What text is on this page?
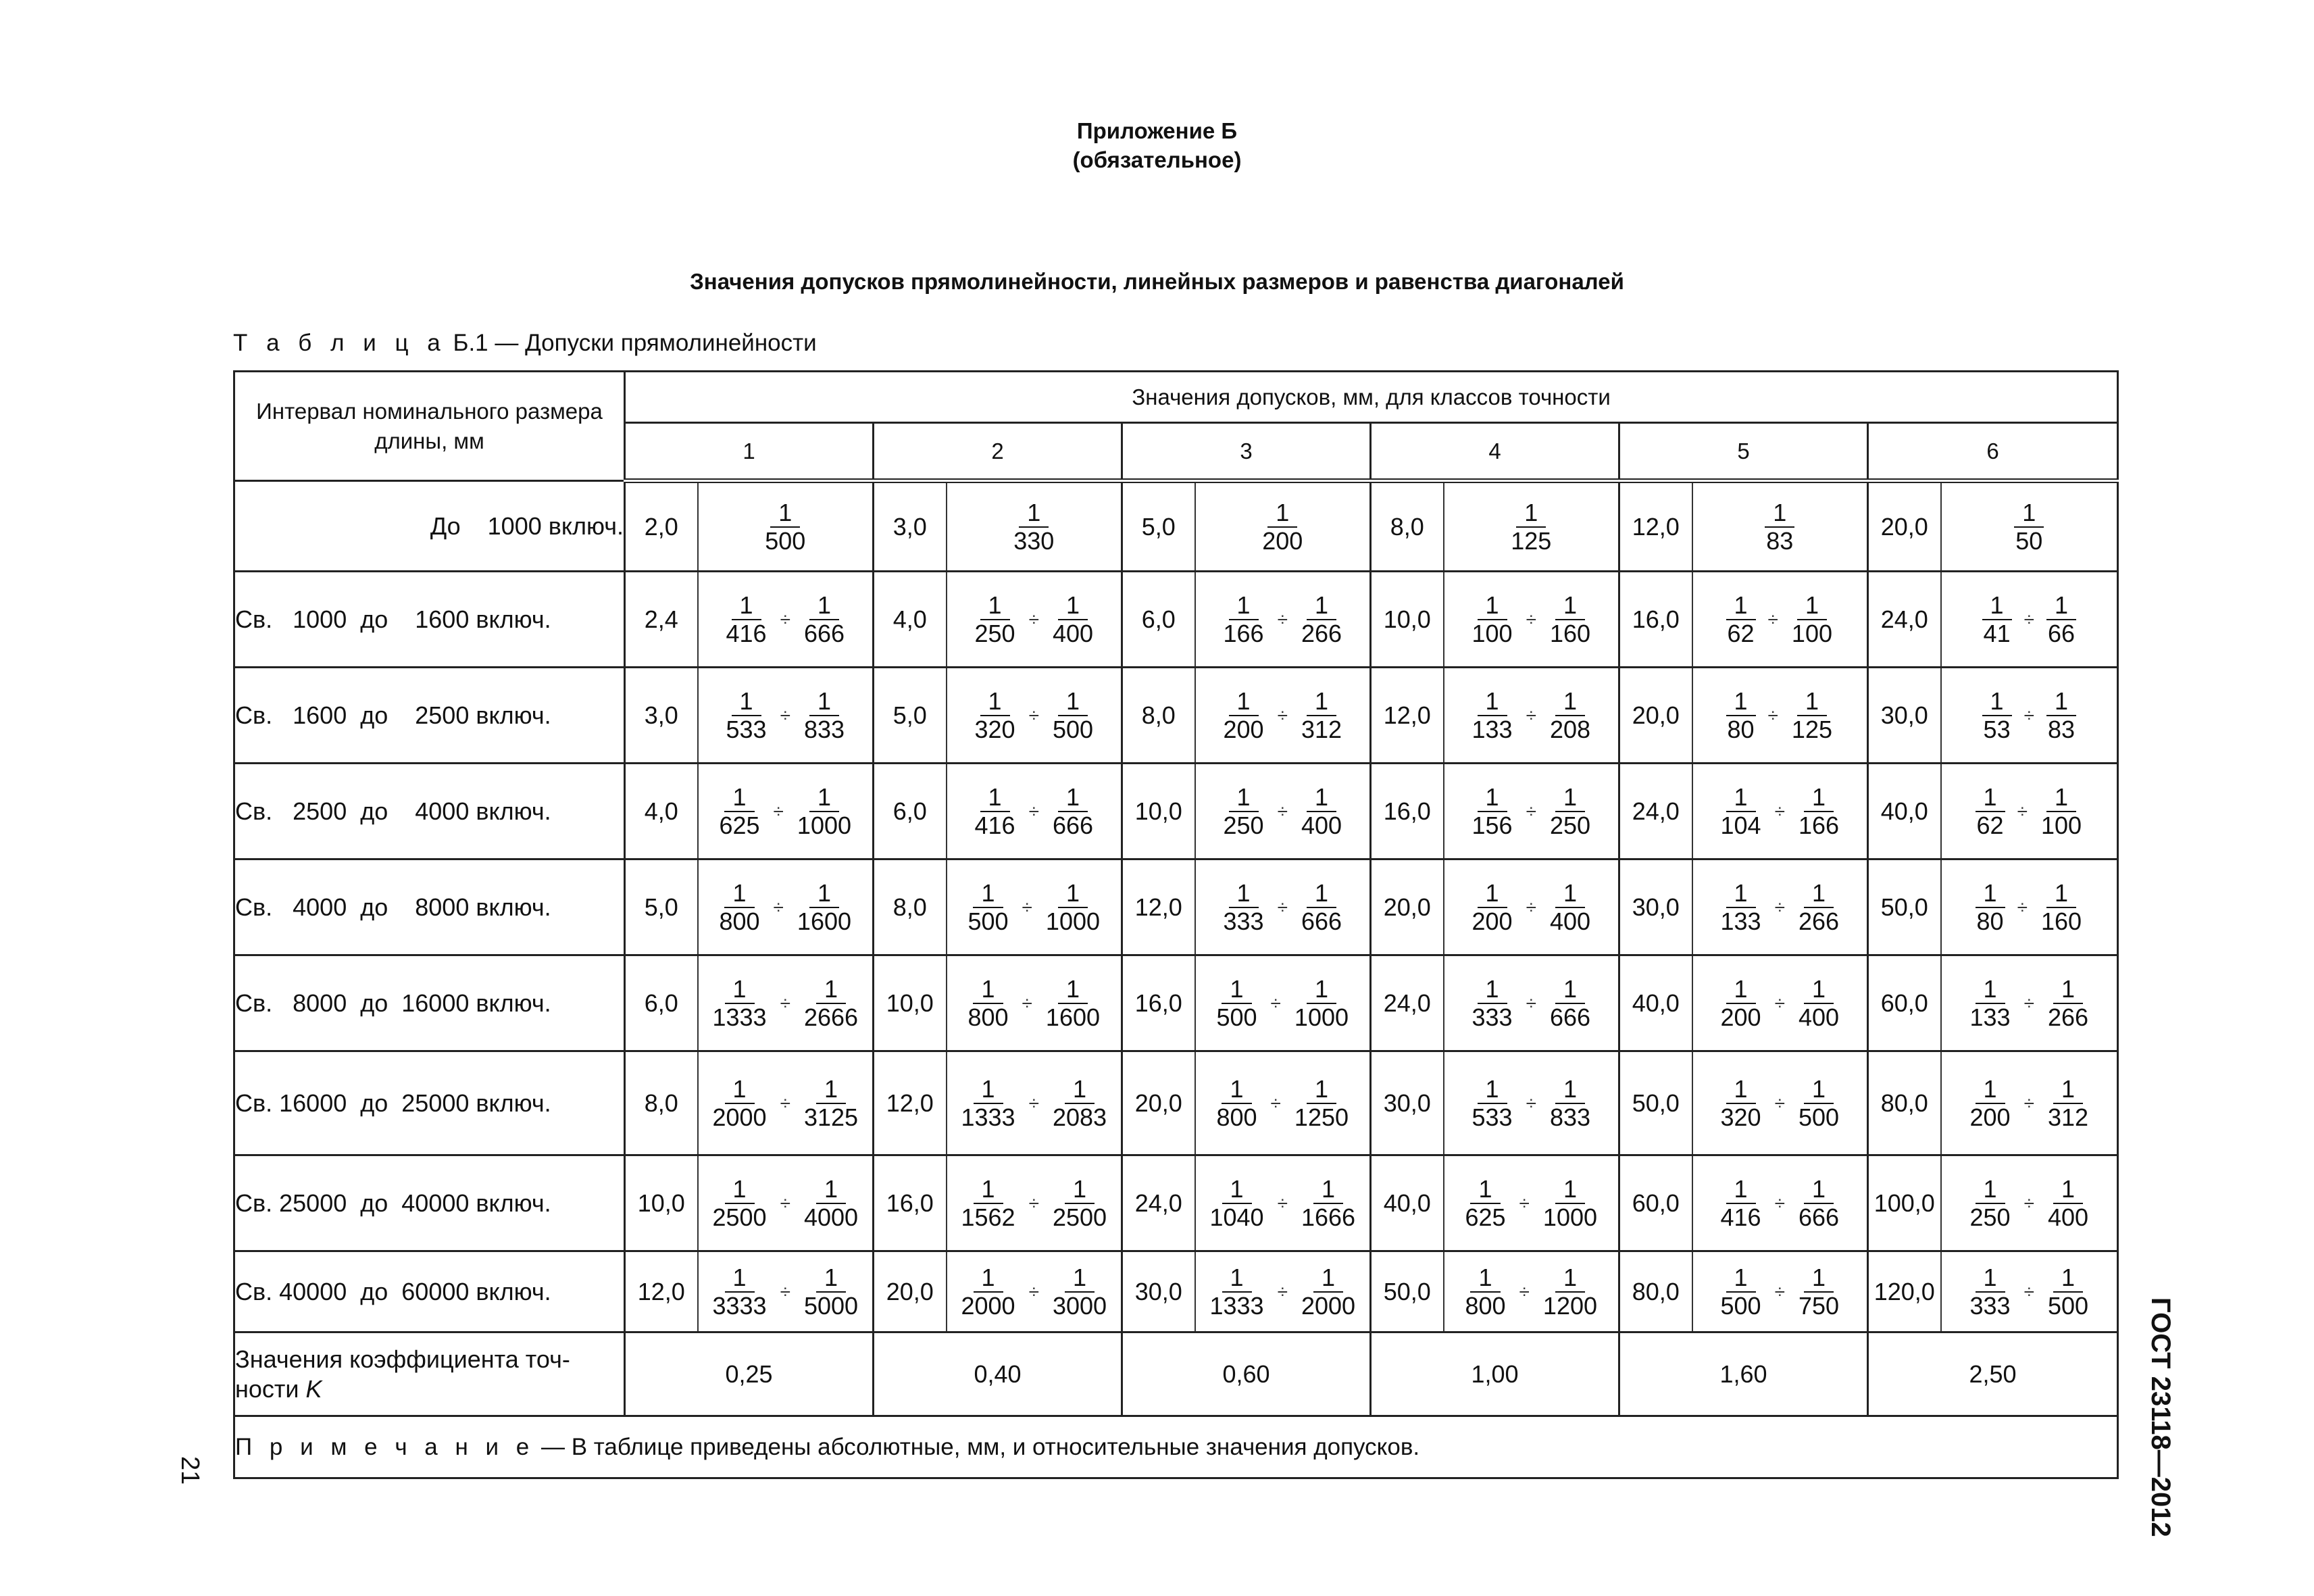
Приложение Б
(обязательное)
Значения допусков прямолинейности, линейных размеров и равенства диагоналей
Т а б л и ц а Б.1 — Допуски прямолинейности
Интервал номинального размера длины, мм	Значения допусков, мм, для классов точности											
	1		2		3		4		5		6	
До    1000 включ.	2,0	$\frac{1}{500}$	3,0	$\frac{1}{330}$	5,0	$\frac{1}{200}$	8,0	$\frac{1}{125}$	12,0	$\frac{1}{83}$	20,0	$\frac{1}{50}$

Св.   1000  до    1600 включ.	2,4	$\frac{1}{416} \div \frac{1}{666}$	4,0	$\frac{1}{250} \div \frac{1}{400}$	6,0	$\frac{1}{166} \div \frac{1}{266}$	10,0	$\frac{1}{100} \div \frac{1}{160}$	16,0	$\frac{1}{62} \div \frac{1}{100}$	24,0	$\frac{1}{41} \div \frac{1}{66}$

Св.   1600  до    2500 включ.	3,0	$\frac{1}{533} \div \frac{1}{833}$	5,0	$\frac{1}{320} \div \frac{1}{500}$	8,0	$\frac{1}{200} \div \frac{1}{312}$	12,0	$\frac{1}{133} \div \frac{1}{208}$	20,0	$\frac{1}{80} \div \frac{1}{125}$	30,0	$\frac{1}{53} \div \frac{1}{83}$

Св.   2500  до    4000 включ.	4,0	$\frac{1}{625} \div \frac{1}{1000}$	6,0	$\frac{1}{416} \div \frac{1}{666}$	10,0	$\frac{1}{250} \div \frac{1}{400}$	16,0	$\frac{1}{156} \div \frac{1}{250}$	24,0	$\frac{1}{104} \div \frac{1}{166}$	40,0	$\frac{1}{62} \div \frac{1}{100}$

Св.   4000  до    8000 включ.	5,0	$\frac{1}{800} \div \frac{1}{1600}$	8,0	$\frac{1}{500} \div \frac{1}{1000}$	12,0	$\frac{1}{333} \div \frac{1}{666}$	20,0	$\frac{1}{200} \div \frac{1}{400}$	30,0	$\frac{1}{133} \div \frac{1}{266}$	50,0	$\frac{1}{80} \div \frac{1}{160}$

Св.   8000  до  16000 включ.	6,0	$\frac{1}{1333} \div \frac{1}{2666}$	10,0	$\frac{1}{800} \div \frac{1}{1600}$	16,0	$\frac{1}{500} \div \frac{1}{1000}$	24,0	$\frac{1}{333} \div \frac{1}{666}$	40,0	$\frac{1}{200} \div \frac{1}{400}$	60,0	$\frac{1}{133} \div \frac{1}{266}$

Св. 16000  до  25000 включ.	8,0	$\frac{1}{2000} \div \frac{1}{3125}$	12,0	$\frac{1}{1333} \div \frac{1}{2083}$	20,0	$\frac{1}{800} \div \frac{1}{1250}$	30,0	$\frac{1}{533} \div \frac{1}{833}$	50,0	$\frac{1}{320} \div \frac{1}{500}$	80,0	$\frac{1}{200} \div \frac{1}{312}$

Св. 25000  до  40000 включ.	10,0	$\frac{1}{2500} \div \frac{1}{4000}$	16,0	$\frac{1}{1562} \div \frac{1}{2500}$	24,0	$\frac{1}{1040} \div \frac{1}{1666}$	40,0	$\frac{1}{625} \div \frac{1}{1000}$	60,0	$\frac{1}{416} \div \frac{1}{666}$	100,0	$\frac{1}{250} \div \frac{1}{400}$

Св. 40000  до  60000 включ.	12,0	$\frac{1}{3333} \div \frac{1}{5000}$	20,0	$\frac{1}{2000} \div \frac{1}{3000}$	30,0	$\frac{1}{1333} \div \frac{1}{2000}$	50,0	$\frac{1}{800} \div \frac{1}{1200}$	80,0	$\frac{1}{500} \div \frac{1}{750}$	120,0	$\frac{1}{333} \div \frac{1}{500}$

Значения коэффициента точ-
ности K	0,25		0,40		0,60		1,00		1,60		2,50	
П р и м е ч а н и е — В таблице приведены абсолютные, мм, и относительные значения допусков.													ГОСТ 23118—2012
21
